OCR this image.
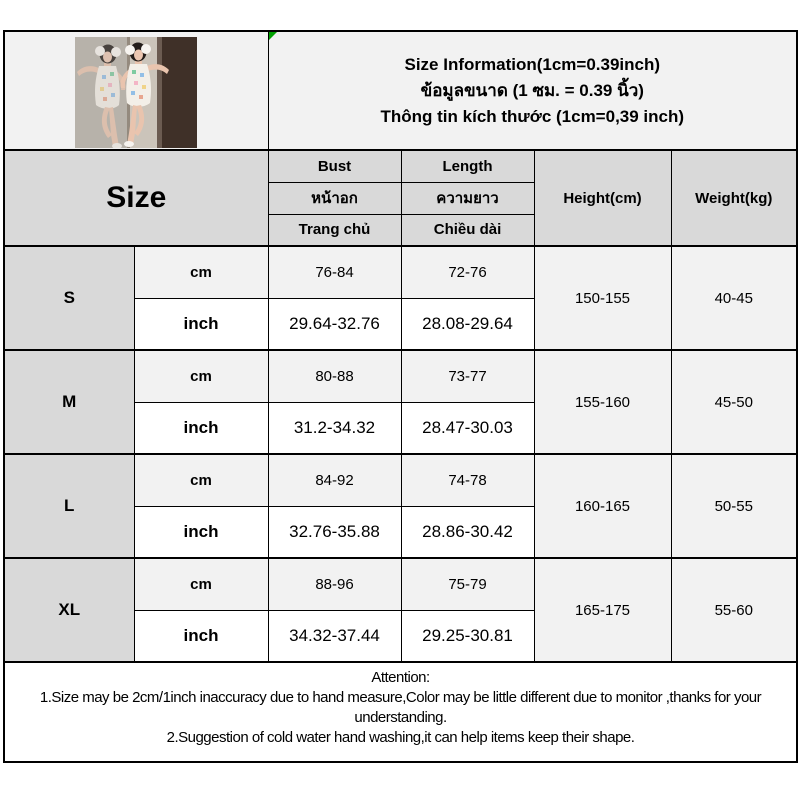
Size Information(1cm=0.39inch)
ข้อมูลขนาด (1 ซม. = 0.39 นิ้ว)
Thông tin kích thước (1cm=0,39 inch)			

Size		Bust	Length	Height(cm)	Weight(kg)
		หน้าอก	ความยาว		
		Trang chủ	Chiều dài		
S	cm	76-84	72-76	150-155	40-45
	inch	29.64-32.76	28.08-29.64		
M	cm	80-88	73-77	155-160	45-50
	inch	31.2-34.32	28.47-30.03		
L	cm	84-92	74-78	160-165	50-55
	inch	32.76-35.88	28.86-30.42		
XL	cm	88-96	75-79	165-175	55-60
	inch	34.32-37.44	29.25-30.81		

Attention:
1.Size may be 2cm/1inch inaccuracy due to hand measure,Color may be little different due to monitor ,thanks for your understanding.
2.Suggestion of cold water hand washing,it can help items keep their shape.					
